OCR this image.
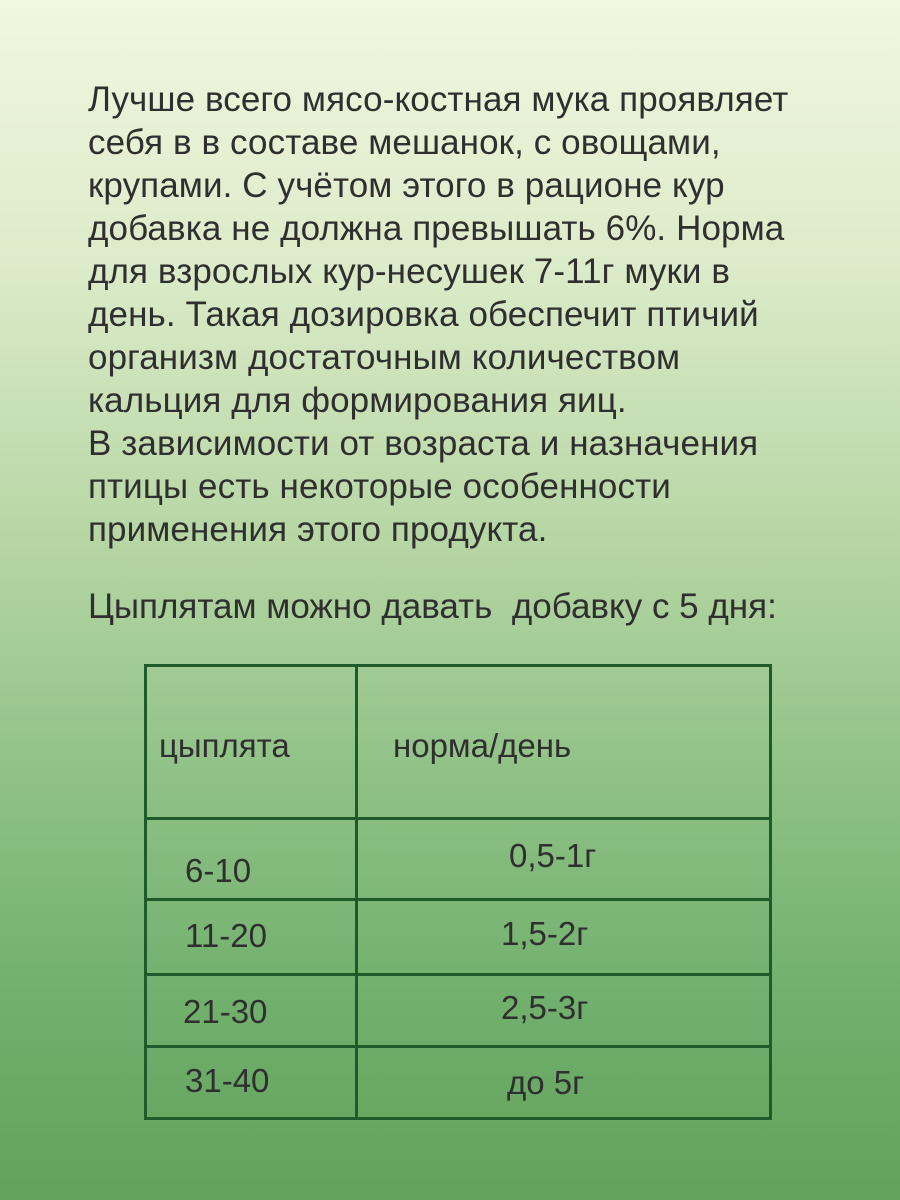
Лучше всего мясо-костная мука проявляет
себя в в составе мешанок, с овощами,
крупами. С учётом этого в рационе кур
добавка не должна превышать 6%. Норма
для взрослых кур-несушек 7-11г муки в
день. Такая дозировка обеспечит птичий
организм достаточным количеством
кальция для формирования яиц.
В зависимости от возраста и назначения
птицы есть некоторые особенности
применения этого продукта.

Цыплятам можно давать  добавку с 5 дня:

цыплята	норма/день
6-10	0,5-1г
11-20	1,5-2г
21-30	2,5-3г
31-40	до 5г
